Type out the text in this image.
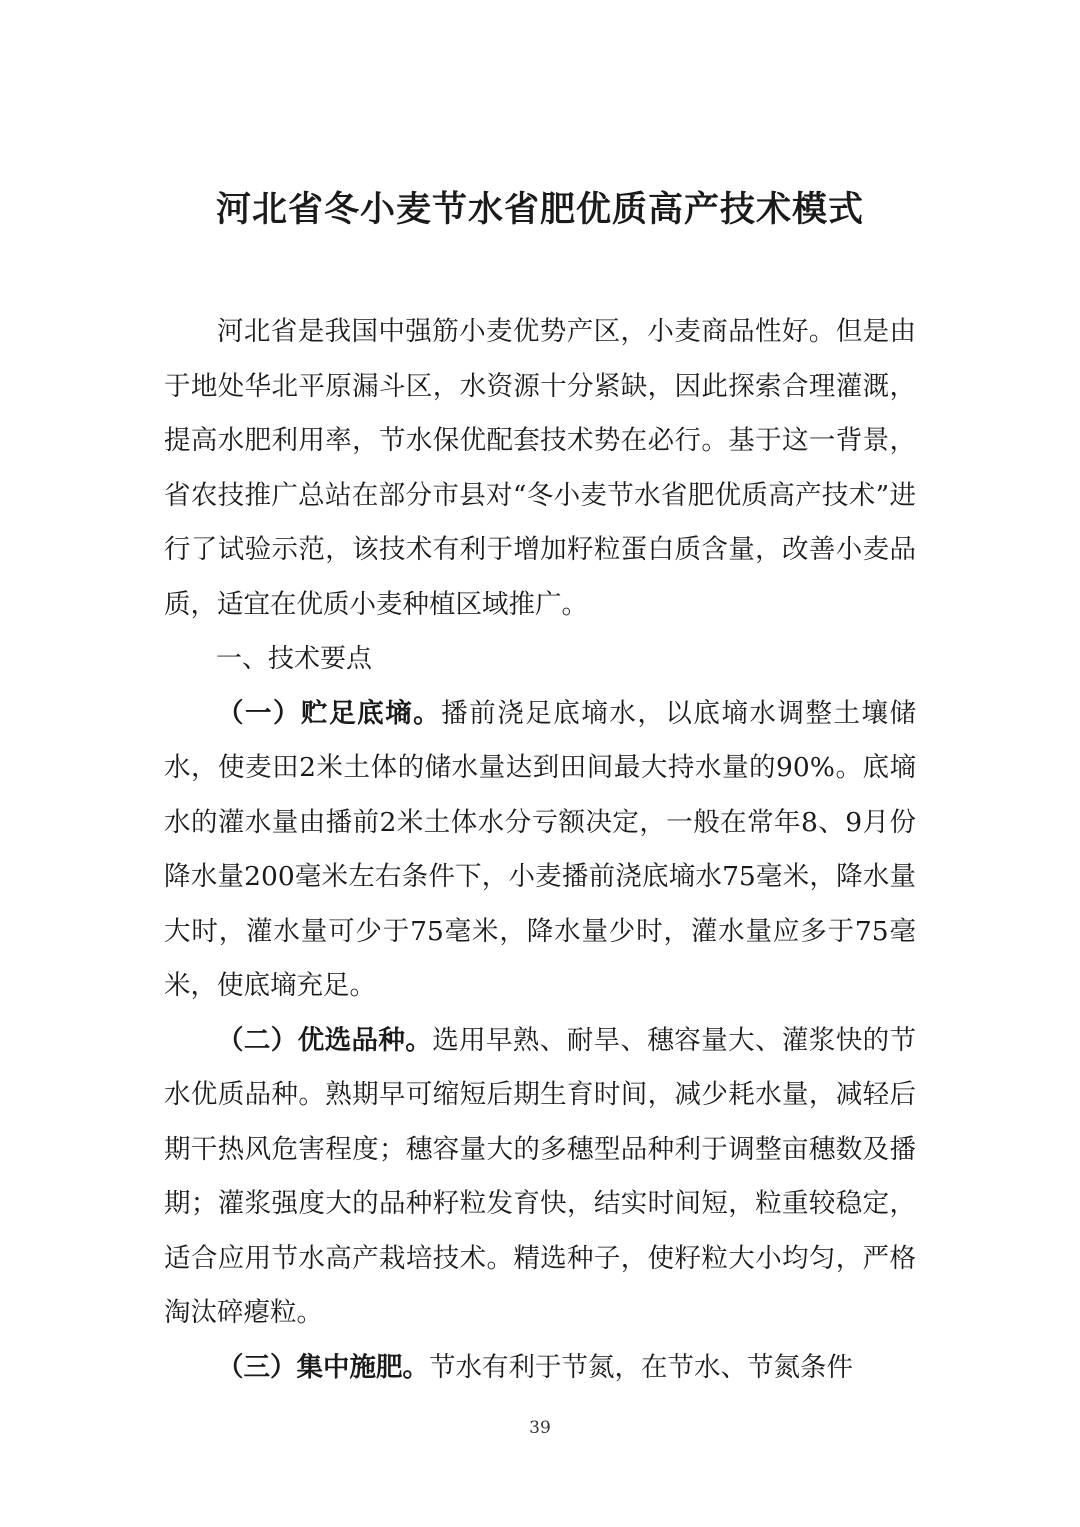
河北省冬小麦节水省肥优质高产技术模式

河北省是我国中强筋小麦优势产区，小麦商品性好。但是由于地处华北平原漏斗区，水资源十分紧缺，因此探索合理灌溉，提高水肥利用率，节水保优配套技术势在必行。基于这一背景，省农技推广总站在部分市县对“冬小麦节水省肥优质高产技术”进行了试验示范，该技术有利于增加籽粒蛋白质含量，改善小麦品质，适宜在优质小麦种植区域推广。

一、技术要点

（一）贮足底墒。播前浇足底墒水，以底墒水调整土壤储水，使麦田2米土体的储水量达到田间最大持水量的90%。底墒水的灌水量由播前2米土体水分亏额决定，一般在常年8、9月份降水量200毫米左右条件下，小麦播前浇底墒水75毫米，降水量大时，灌水量可少于75毫米，降水量少时，灌水量应多于75毫米，使底墒充足。

（二）优选品种。选用早熟、耐旱、穗容量大、灌浆快的节水优质品种。熟期早可缩短后期生育时间，减少耗水量，减轻后期干热风危害程度；穗容量大的多穗型品种利于调整亩穗数及播期；灌浆强度大的品种籽粒发育快，结实时间短，粒重较稳定，适合应用节水高产栽培技术。精选种子，使籽粒大小均匀，严格淘汰碎瘪粒。

（三）集中施肥。节水有利于节氮，在节水、节氮条件

39
